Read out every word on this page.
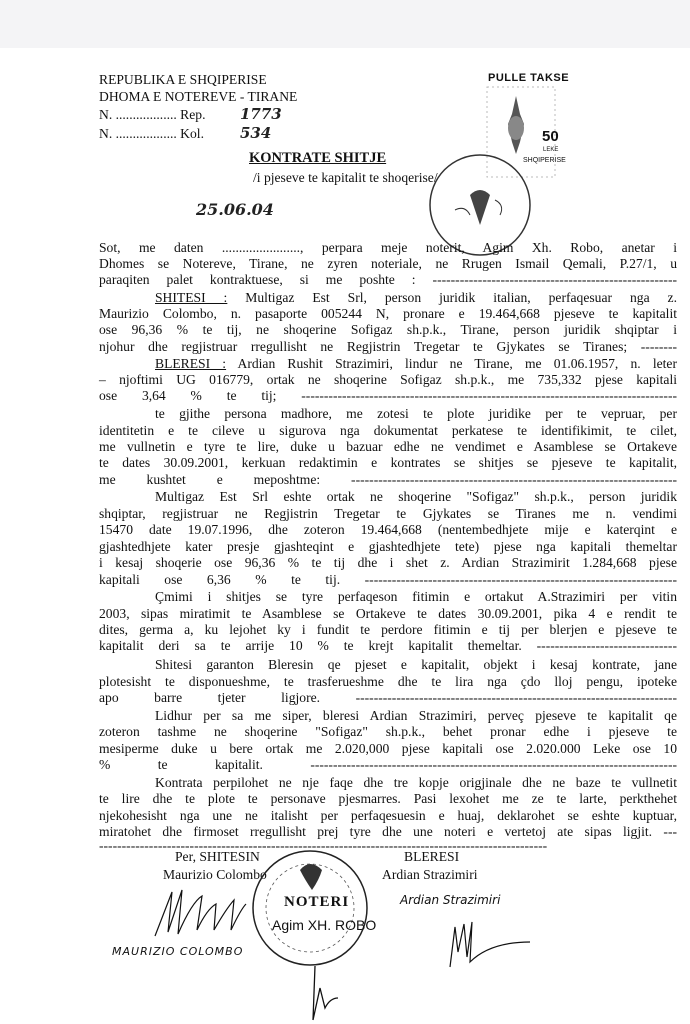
REPUBLIKA E SHQIPERISE
DHOMA E NOTEREVE - TIRANE
N. .................. Rep. 1773
N. .................. Kol. 534
PULLE TAKSE
50
LEKE
SHQIPERISE
KONTRATE SHITJE
/i pjeseve te kapitalit te shoqerise/
25.06.04
Sot, me daten ......................., perpara meje noterit, Agim Xh. Robo, anetar i
Dhomes se Notereve, Tirane, ne zyren noteriale, ne Rrugen Ismail Qemali, P.27/1, u
paraqiten palet kontraktuese, si me poshte : ------------------------------------------------------
SHITESI : Multigaz Est Srl, person juridik italian, perfaqesuar nga z.
Maurizio Colombo, n. pasaporte 005244 N, pronare e 19.464,668 pjeseve te kapitalit
ose 96,36 % te tij, ne shoqerine Sofigaz sh.p.k., Tirane, person juridik shqiptar i
njohur dhe regjistruar rregullisht ne Regjistrin Tregetar te Gjykates se Tiranes; --------
BLERESI : Ardian Rushit Strazimiri, lindur ne Tirane, me 01.06.1957, n. leter
– njoftimi UG 016779, ortak ne shoqerine Sofigaz sh.p.k., me 735,332 pjese kapitali
ose 3,64 % te tij; -----------------------------------------------------------------------------------
te gjithe persona madhore, me zotesi te plote juridike per te vepruar, per
identitetin e te cileve u sigurova nga dokumentat perkatese te identifikimit, te cilet,
me vullnetin e tyre te lire, duke u bazuar edhe ne vendimet e Asamblese se Ortakeve
te dates 30.09.2001, kerkuan redaktimin e kontrates se shitjes se pjeseve te kapitalit,
me kushtet e meposhtme: ------------------------------------------------------------------------
Multigaz Est Srl eshte ortak ne shoqerine "Sofigaz" sh.p.k., person juridik
shqiptar, regjistruar ne Regjistrin Tregetar te Gjykates se Tiranes me n. vendimi
15470 date 19.07.1996, dhe zoteron 19.464,668 (nentembedhjete mije e katerqint e
gjashtedhjete kater presje gjashteqint e gjashtedhjete tete) pjese nga kapitali themeltar
i kesaj shoqerie ose 96,36 % te tij dhe i shet z. Ardian Strazimirit 1.284,668 pjese
kapitali ose 6,36 % te tij. ---------------------------------------------------------------------
Çmimi i shitjes se tyre perfaqeson fitimin e ortakut A.Strazimiri per vitin
2003, sipas miratimit te Asamblese se Ortakeve te dates 30.09.2001, pika 4 e rendit te
dites, germa a, ku lejohet ky i fundit te perdore fitimin e tij per blerjen e pjeseve te
kapitalit deri sa te arrije 10 % te krejt kapitalit themeltar. -------------------------------
Shitesi garanton Bleresin qe pjeset e kapitalit, objekt i kesaj kontrate, jane
plotesisht te disponueshme, te trasferueshme dhe te lira nga çdo lloj pengu, ipoteke
apo barre tjeter ligjore. -----------------------------------------------------------------------
Lidhur per sa me siper, bleresi Ardian Strazimiri, perveç pjeseve te kapitalit qe
zoteron tashme ne shoqerine "Sofigaz" sh.p.k., behet pronar edhe i pjeseve te
mesiperme duke u bere ortak me 2.020,000 pjese kapitali ose 2.020.000 Leke ose 10
% te kapitalit. ---------------------------------------------------------------------------------
Kontrata perpilohet ne nje faqe dhe tre kopje origjinale dhe ne baze te vullnetit
te lire dhe te plote te personave pjesmarres. Pasi lexohet me ze te larte, perkthehet
njekohesisht nga une ne italisht per perfaqesuesin e huaj, deklarohet se eshte kuptuar,
miratohet dhe firmoset rregullisht prej tyre dhe une noteri e vertetoj ate sipas ligjit. ---
---------------------------------------------------------------------------------------------------
Per, SHITESIN
Maurizio Colombo
BLERESI
Ardian Strazimiri
MAURIZIO COLOMBO
NOTERI
Agim XH. ROBO
Ardian Strazimiri
